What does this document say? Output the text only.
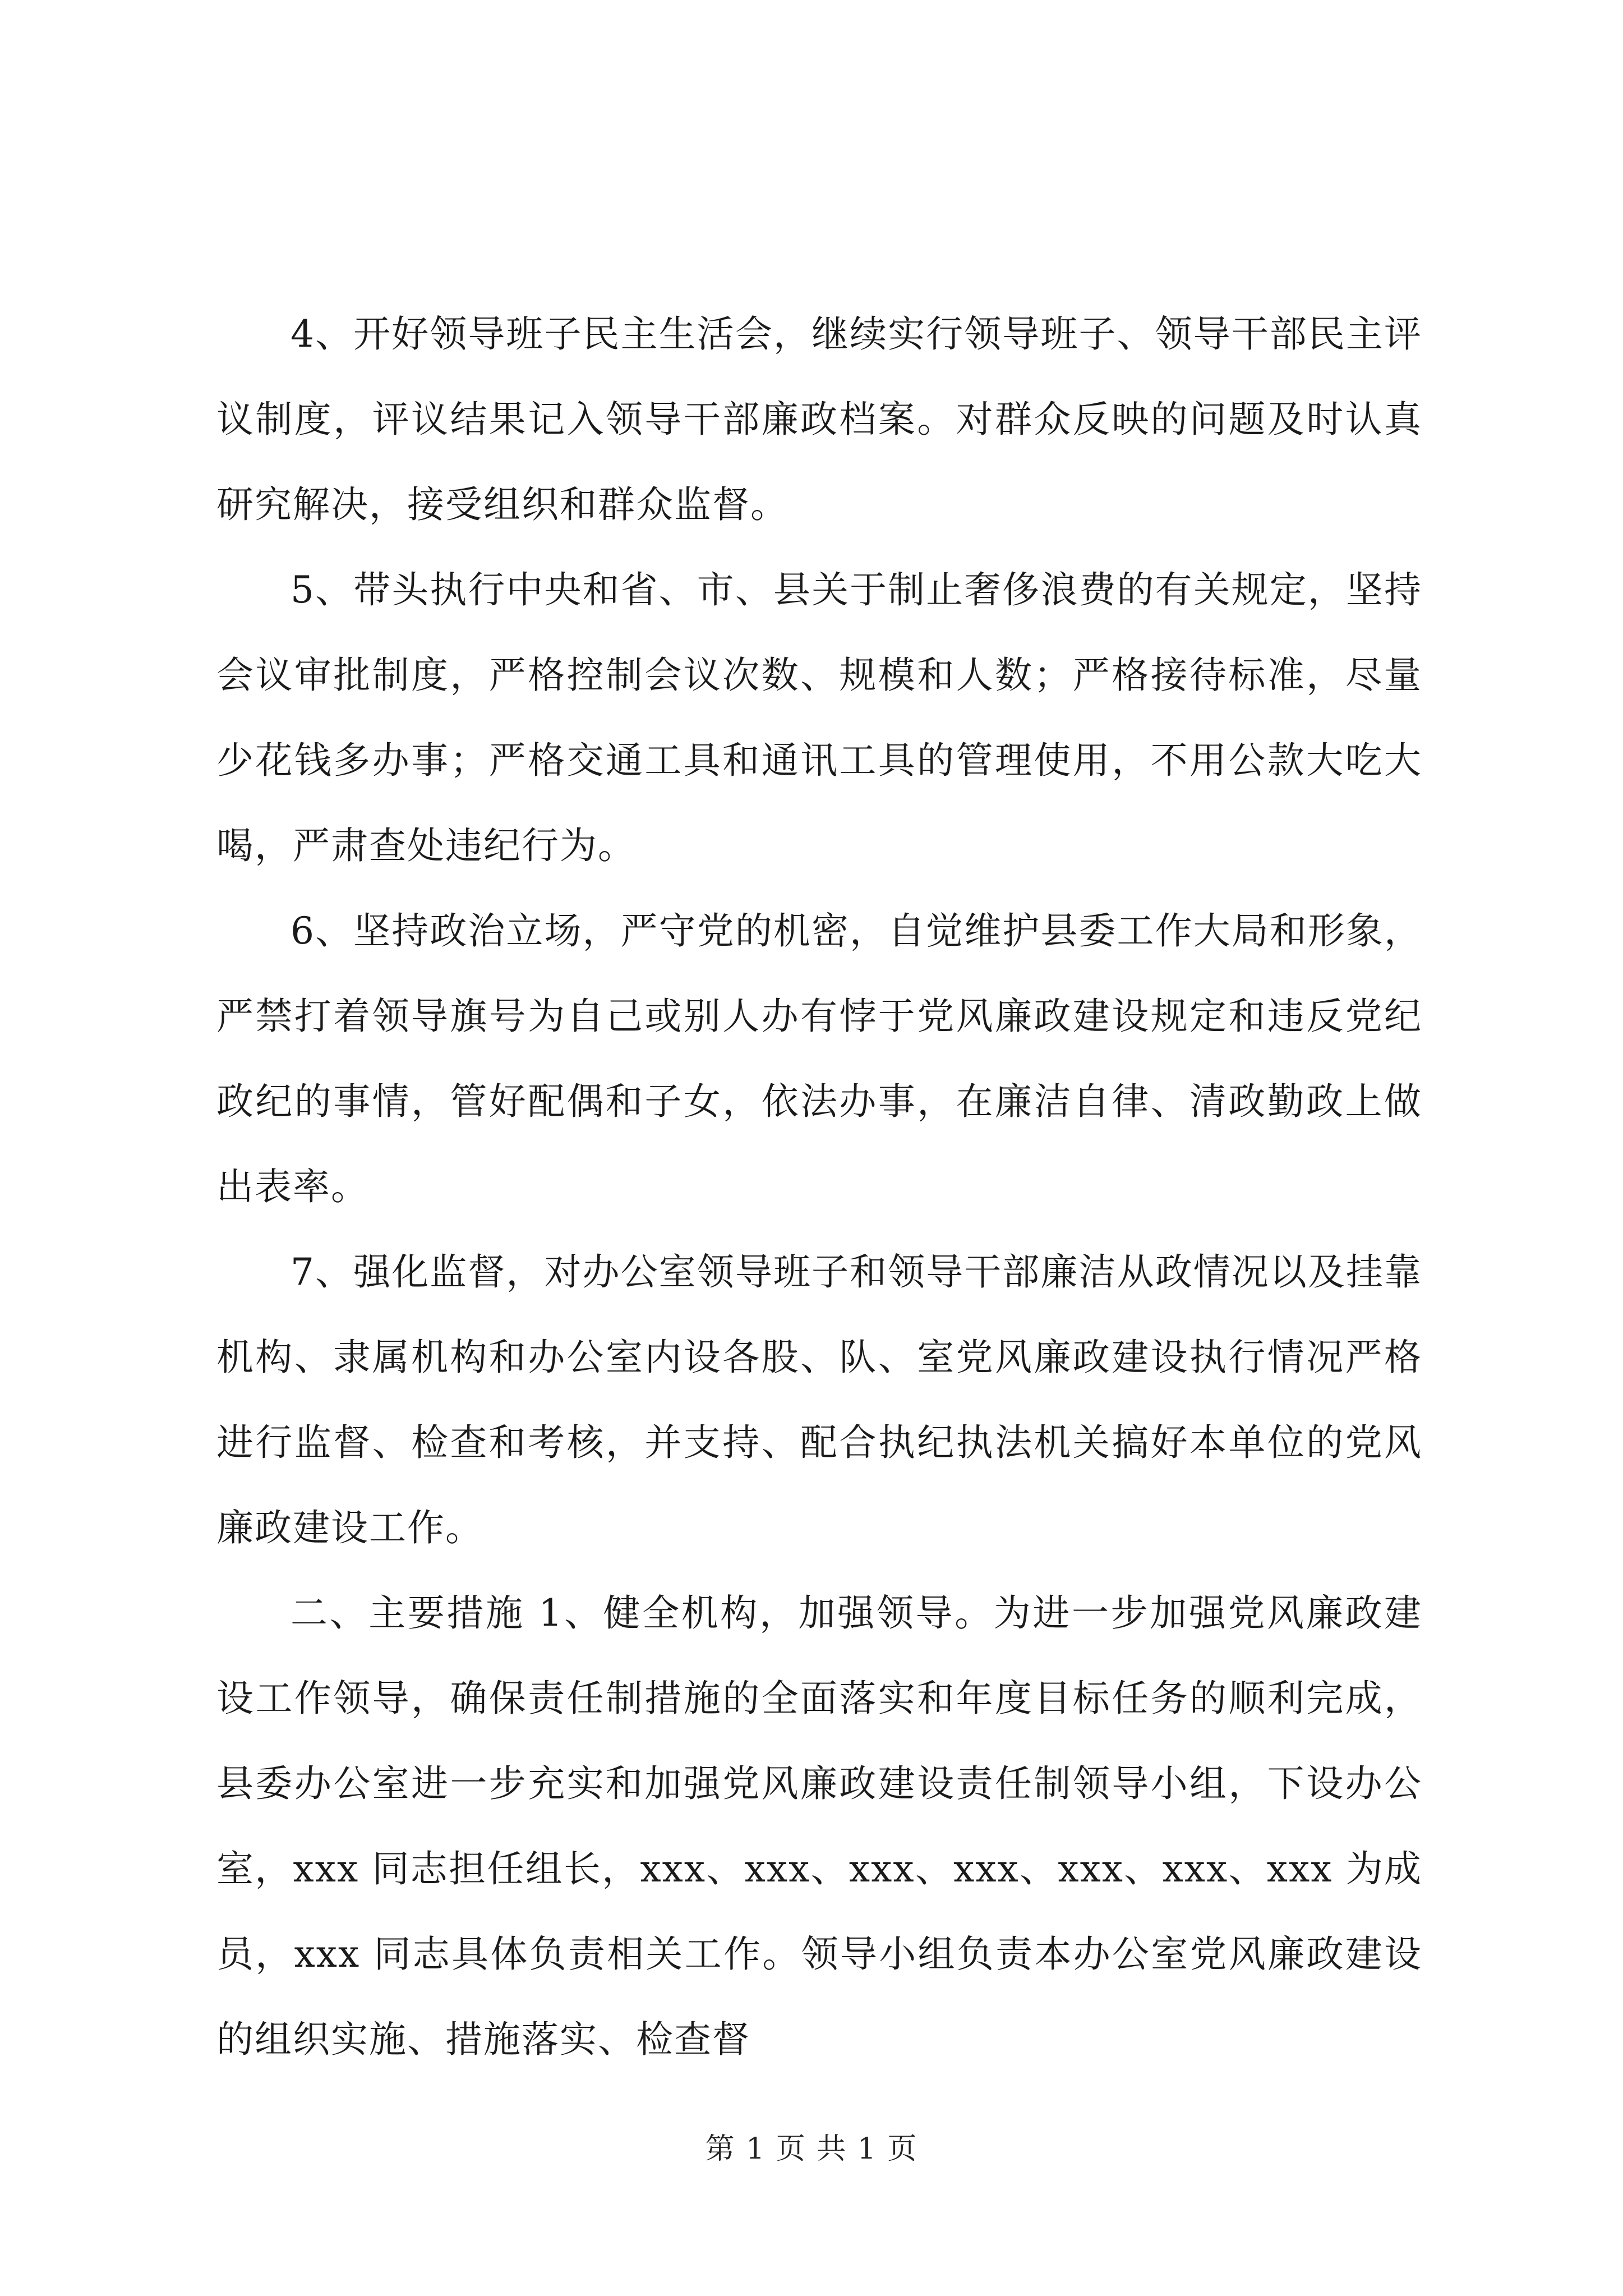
4、开好领导班子民主生活会，继续实行领导班子、领导干部民主评议制度，评议结果记入领导干部廉政档案。对群众反映的问题及时认真研究解决，接受组织和群众监督。

5、带头执行中央和省、市、县关于制止奢侈浪费的有关规定，坚持会议审批制度，严格控制会议次数、规模和人数；严格接待标准，尽量少花钱多办事；严格交通工具和通讯工具的管理使用，不用公款大吃大喝，严肃查处违纪行为。

6、坚持政治立场，严守党的机密，自觉维护县委工作大局和形象，严禁打着领导旗号为自己或别人办有悖于党风廉政建设规定和违反党纪政纪的事情，管好配偶和子女，依法办事，在廉洁自律、清政勤政上做出表率。

7、强化监督，对办公室领导班子和领导干部廉洁从政情况以及挂靠机构、隶属机构和办公室内设各股、队、室党风廉政建设执行情况严格进行监督、检查和考核，并支持、配合执纪执法机关搞好本单位的党风廉政建设工作。

二、主要措施 1、健全机构，加强领导。为进一步加强党风廉政建设工作领导，确保责任制措施的全面落实和年度目标任务的顺利完成，县委办公室进一步充实和加强党风廉政建设责任制领导小组，下设办公室，xxx 同志担任组长，xxx、xxx、xxx、xxx、xxx、xxx、xxx 为成员，xxx 同志具体负责相关工作。领导小组负责本办公室党风廉政建设的组织实施、措施落实、检查督

第 1 页 共 1 页
